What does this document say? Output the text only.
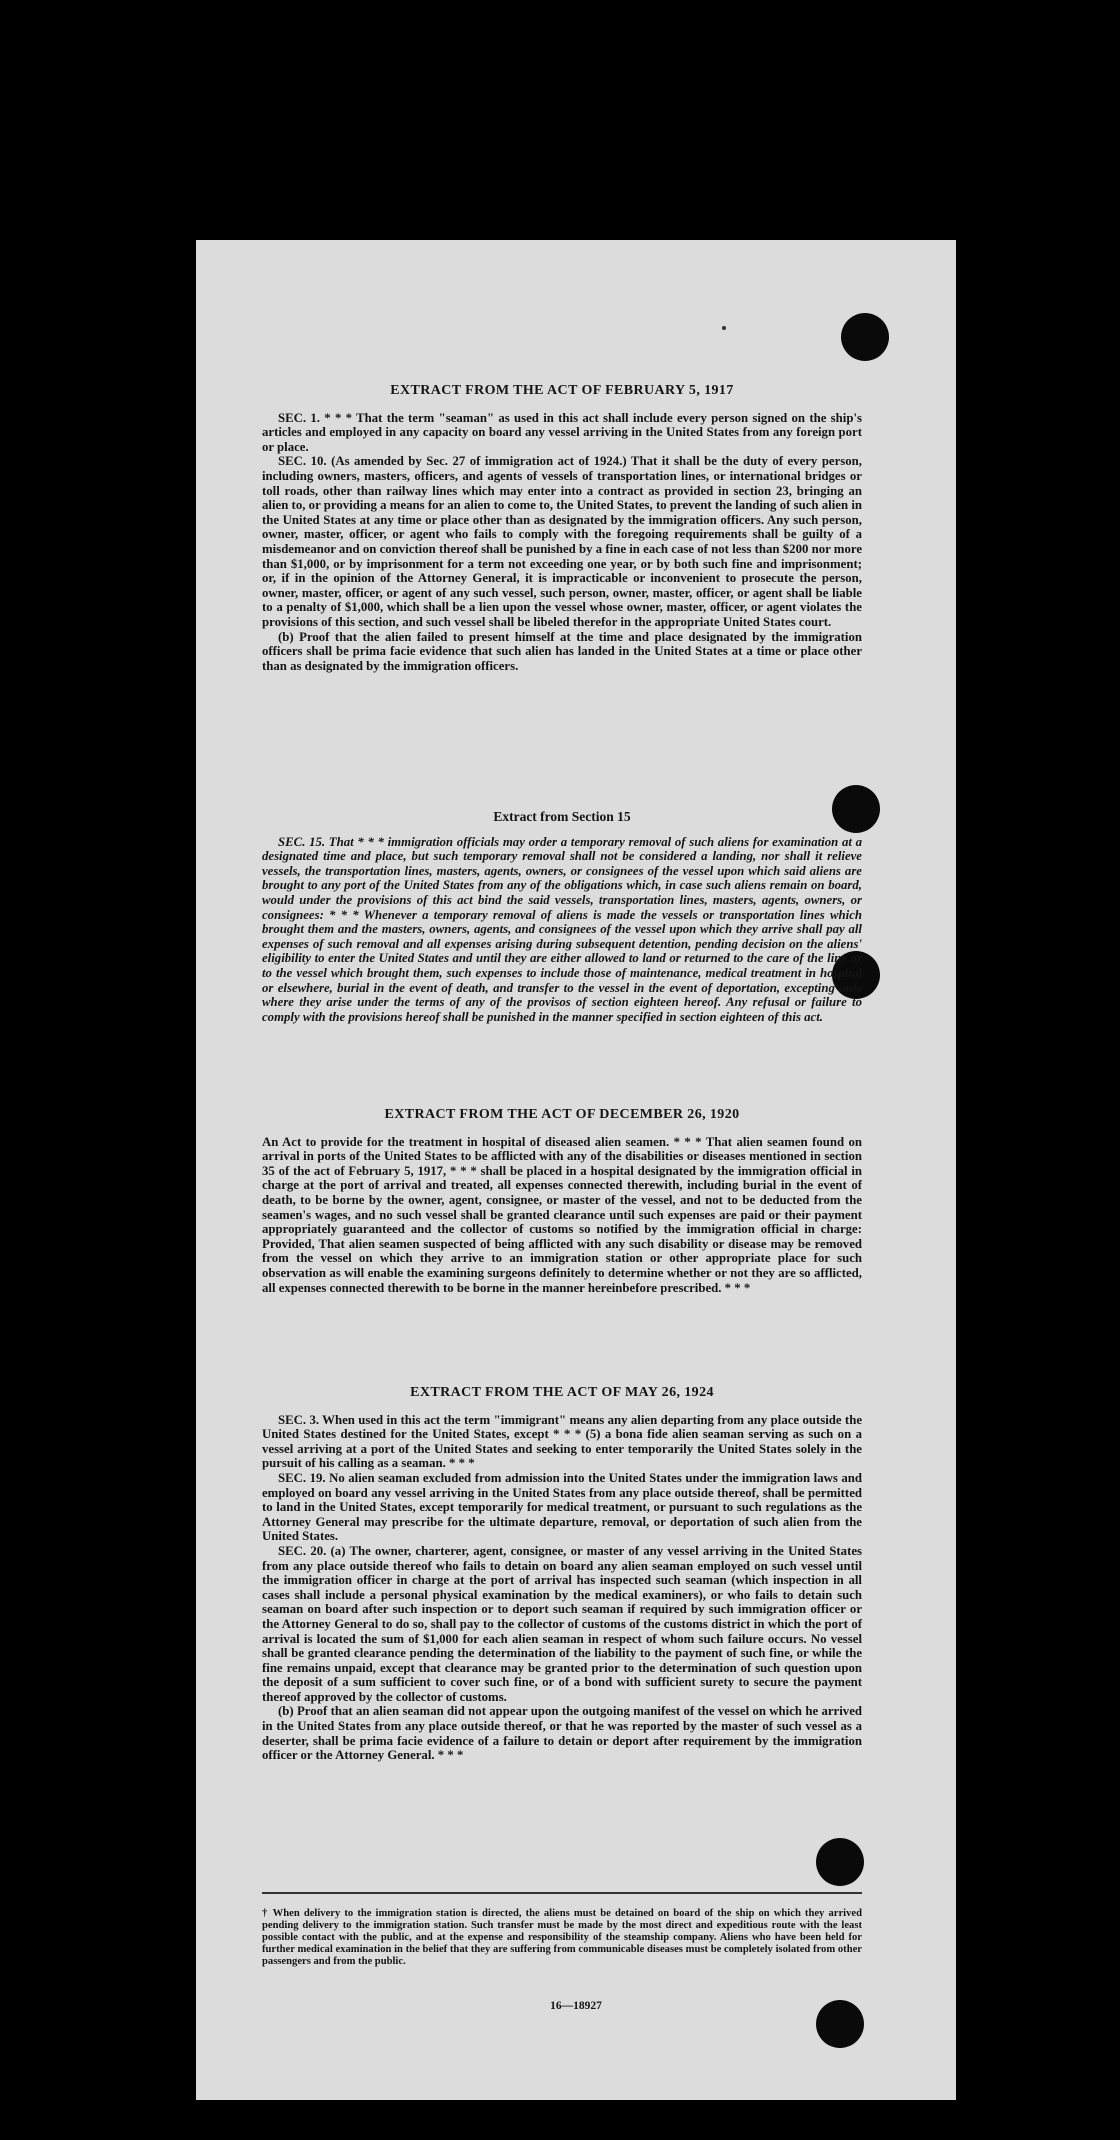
EXTRACT FROM THE ACT OF FEBRUARY 5, 1917

SEC. 1. * * * That the term "seaman" as used in this act shall include every person signed on the ship's articles and employed in any capacity on board any vessel arriving in the United States from any foreign port or place.

SEC. 10. (As amended by Sec. 27 of immigration act of 1924.) That it shall be the duty of every person, including owners, masters, officers, and agents of vessels of transportation lines, or international bridges or toll roads, other than railway lines which may enter into a contract as provided in section 23, bringing an alien to, or providing a means for an alien to come to, the United States, to prevent the landing of such alien in the United States at any time or place other than as designated by the immigration officers. Any such person, owner, master, officer, or agent who fails to comply with the foregoing requirements shall be guilty of a misdemeanor and on conviction thereof shall be punished by a fine in each case of not less than $200 nor more than $1,000, or by imprisonment for a term not exceeding one year, or by both such fine and imprisonment; or, if in the opinion of the Attorney General, it is impracticable or inconvenient to prosecute the person, owner, master, officer, or agent of any such vessel, such person, owner, master, officer, or agent shall be liable to a penalty of $1,000, which shall be a lien upon the vessel whose owner, master, officer, or agent violates the provisions of this section, and such vessel shall be libeled therefor in the appropriate United States court.

(b) Proof that the alien failed to present himself at the time and place designated by the immigration officers shall be prima facie evidence that such alien has landed in the United States at a time or place other than as designated by the immigration officers.

Extract from Section 15

SEC. 15. That * * * immigration officials may order a temporary removal of such aliens for examination at a designated time and place, but such temporary removal shall not be considered a landing, nor shall it relieve vessels, the transportation lines, masters, agents, owners, or consignees of the vessel upon which said aliens are brought to any port of the United States from any of the obligations which, in case such aliens remain on board, would under the provisions of this act bind the said vessels, transportation lines, masters, agents, owners, or consignees: * * * Whenever a temporary removal of aliens is made the vessels or transportation lines which brought them and the masters, owners, agents, and consignees of the vessel upon which they arrive shall pay all expenses of such removal and all expenses arising during subsequent detention, pending decision on the aliens' eligibility to enter the United States and until they are either allowed to land or returned to the care of the line or to the vessel which brought them, such expenses to include those of maintenance, medical treatment in hospital or elsewhere, burial in the event of death, and transfer to the vessel in the event of deportation, excepting only where they arise under the terms of any of the provisos of section eighteen hereof. Any refusal or failure to comply with the provisions hereof shall be punished in the manner specified in section eighteen of this act.

EXTRACT FROM THE ACT OF DECEMBER 26, 1920

An Act to provide for the treatment in hospital of diseased alien seamen. * * * That alien seamen found on arrival in ports of the United States to be afflicted with any of the disabilities or diseases mentioned in section 35 of the act of February 5, 1917, * * * shall be placed in a hospital designated by the immigration official in charge at the port of arrival and treated, all expenses connected therewith, including burial in the event of death, to be borne by the owner, agent, consignee, or master of the vessel, and not to be deducted from the seamen's wages, and no such vessel shall be granted clearance until such expenses are paid or their payment appropriately guaranteed and the collector of customs so notified by the immigration official in charge: Provided, That alien seamen suspected of being afflicted with any such disability or disease may be removed from the vessel on which they arrive to an immigration station or other appropriate place for such observation as will enable the examining surgeons definitely to determine whether or not they are so afflicted, all expenses connected therewith to be borne in the manner hereinbefore prescribed. * * *

EXTRACT FROM THE ACT OF MAY 26, 1924

SEC. 3. When used in this act the term "immigrant" means any alien departing from any place outside the United States destined for the United States, except * * * (5) a bona fide alien seaman serving as such on a vessel arriving at a port of the United States and seeking to enter temporarily the United States solely in the pursuit of his calling as a seaman. * * *

SEC. 19. No alien seaman excluded from admission into the United States under the immigration laws and employed on board any vessel arriving in the United States from any place outside thereof, shall be permitted to land in the United States, except temporarily for medical treatment, or pursuant to such regulations as the Attorney General may prescribe for the ultimate departure, removal, or deportation of such alien from the United States.

SEC. 20. (a) The owner, charterer, agent, consignee, or master of any vessel arriving in the United States from any place outside thereof who fails to detain on board any alien seaman employed on such vessel until the immigration officer in charge at the port of arrival has inspected such seaman (which inspection in all cases shall include a personal physical examination by the medical examiners), or who fails to detain such seaman on board after such inspection or to deport such seaman if required by such immigration officer or the Attorney General to do so, shall pay to the collector of customs of the customs district in which the port of arrival is located the sum of $1,000 for each alien seaman in respect of whom such failure occurs. No vessel shall be granted clearance pending the determination of the liability to the payment of such fine, or while the fine remains unpaid, except that clearance may be granted prior to the determination of such question upon the deposit of a sum sufficient to cover such fine, or of a bond with sufficient surety to secure the payment thereof approved by the collector of customs.

(b) Proof that an alien seaman did not appear upon the outgoing manifest of the vessel on which he arrived in the United States from any place outside thereof, or that he was reported by the master of such vessel as a deserter, shall be prima facie evidence of a failure to detain or deport after requirement by the immigration officer or the Attorney General. * * *

† When delivery to the immigration station is directed, the aliens must be detained on board of the ship on which they arrived pending delivery to the immigration station. Such transfer must be made by the most direct and expeditious route with the least possible contact with the public, and at the expense and responsibility of the steamship company. Aliens who have been held for further medical examination in the belief that they are suffering from communicable diseases must be completely isolated from other passengers and from the public.
16—18927
